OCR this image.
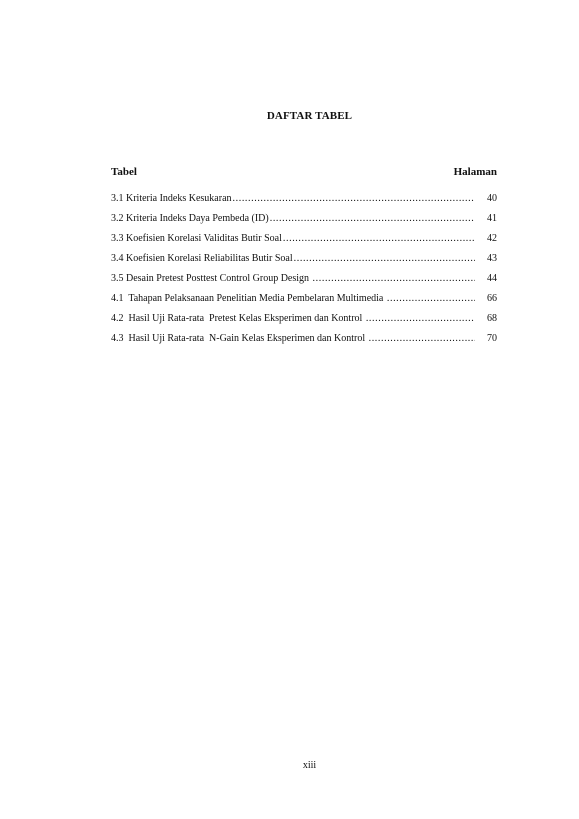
DAFTAR TABEL
Tabel	Halaman
3.1 Kriteria Indeks Kesukaran .....	40
3.2 Kriteria Indeks Daya Pembeda (ID) .....	41
3.3 Koefisien Korelasi Validitas Butir Soal .....	42
3.4 Koefisien Korelasi Reliabilitas Butir Soal .....	43
3.5 Desain Pretest Posttest Control Group Design .....	44
4.1  Tahapan Pelaksanaan Penelitian Media Pembelaran Multimedia .....	66
4.2  Hasil Uji Rata-rata  Pretest Kelas Eksperimen dan Kontrol .....	68
4.3  Hasil Uji Rata-rata  N-Gain Kelas Eksperimen dan Kontrol .....	70
xiii
